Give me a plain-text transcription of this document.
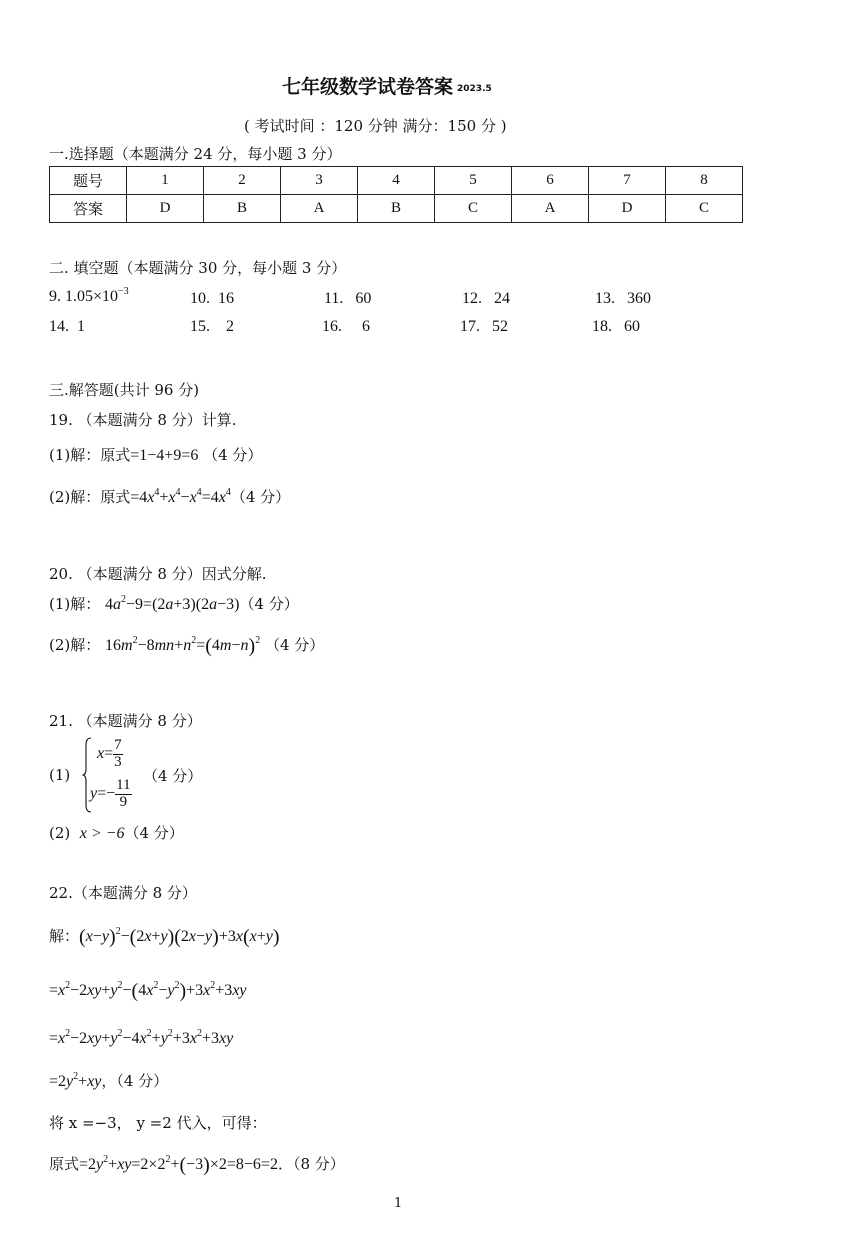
七年级数学试卷答案 2023.5
( 考试时间 ：120 分钟 满分：150 分 )
一.选择题（本题满分 24 分，每小题 3 分）
题号	1	2	3	4	5	6	7	8
答案	D	B	A	B	C	A	D	C
二. 填空题（本题满分 30 分，每小题 3 分）
9. $1.05\times 10^{-3}$	10. 16	11. 60	12. 24	13. 360
14. 1	15. 2	16. 6	17. 52	18. 60
三.解答题(共计 96 分)
19. （本题满分 8 分）计算.
(1)解：原式=1−4+9=6 （4 分）
(2)解：原式$=4x^4+x^4-x^4=4x^4(4$ 分）
20. （本题满分 8 分）因式分解.
(1)解： $4a^2-9=(2a+3)(2a-3)(4$ 分）
(2)解： $16m^2-8mn+n^2=(4m-n)^2$ （4 分）
21. （本题满分 8 分）
(1)
$x= \frac{7}{3}$
$y=- \frac{11}{9}$
（4 分）
(2) x > −6（4 分）
22.（本题满分 8 分）
解：$(x-y)^2-(2x+y)(2x-y)+3x(x+y)$
$=x^2-2xy+y^2-(4x^2-y^2)+3x^2+3xy$
$=x^2-2xy+y^2-4x^2+y^2+3x^2+3xy$
$=2y^2+xy$，（4 分）
将 x =−3， y =2 代入，可得：
原式$=2y^2+xy=2\times 2^2+(-3)\times 2=8-6=2$．（8 分）
1
